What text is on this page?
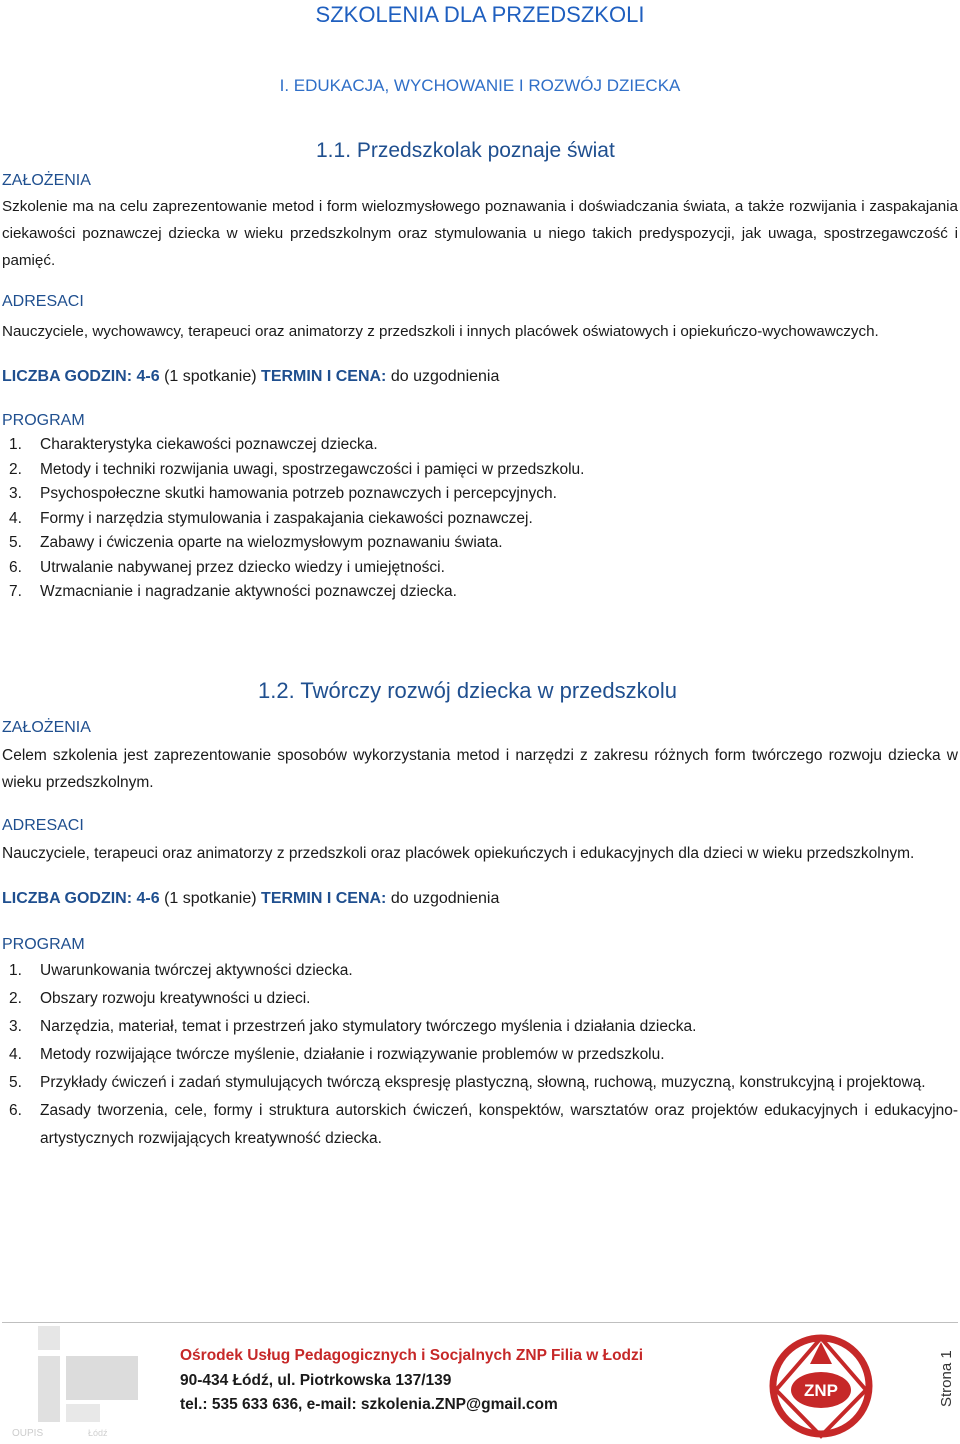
SZKOLENIA DLA PRZEDSZKOLI
I. EDUKACJA, WYCHOWANIE I ROZWÓJ DZIECKA
1.1. Przedszkolak poznaje świat
ZAŁOŻENIA
Szkolenie ma na celu zaprezentowanie metod i form wielozmysłowego poznawania i doświadczania świata, a także rozwijania i zaspakajania ciekawości poznawczej dziecka w wieku przedszkolnym oraz stymulowania u niego takich predyspozycji, jak uwaga, spostrzegawczość i pamięć.
ADRESACI
Nauczyciele, wychowawcy, terapeuci oraz animatorzy z przedszkoli i innych placówek oświatowych i opiekuńczo-wychowawczych.
LICZBA GODZIN: 4-6 (1 spotkanie) TERMIN I CENA: do uzgodnienia
PROGRAM
1. Charakterystyka ciekawości poznawczej dziecka.
2. Metody i techniki rozwijania uwagi, spostrzegawczości i pamięci w przedszkolu.
3. Psychospołeczne skutki hamowania potrzeb poznawczych i percepcyjnych.
4. Formy i narzędzia stymulowania i zaspakajania ciekawości poznawczej.
5. Zabawy i ćwiczenia oparte na wielozmysłowym poznawaniu świata.
6. Utrwalanie nabywanej przez dziecko wiedzy i umiejętności.
7. Wzmacnianie i nagradzanie aktywności poznawczej dziecka.
1.2. Twórczy rozwój dziecka w przedszkolu
ZAŁOŻENIA
Celem szkolenia jest zaprezentowanie sposobów wykorzystania metod i narzędzi z zakresu różnych form twórczego rozwoju dziecka w wieku przedszkolnym.
ADRESACI
Nauczyciele, terapeuci oraz animatorzy z przedszkoli oraz placówek opiekuńczych i edukacyjnych dla dzieci w wieku przedszkolnym.
LICZBA GODZIN: 4-6 (1 spotkanie) TERMIN I CENA: do uzgodnienia
PROGRAM
1. Uwarunkowania twórczej aktywności dziecka.
2. Obszary rozwoju kreatywności u dzieci.
3. Narzędzia, materiał, temat i przestrzeń jako stymulatory twórczego myślenia i działania dziecka.
4. Metody rozwijające twórcze myślenie, działanie i rozwiązywanie problemów w przedszkolu.
5. Przykłady ćwiczeń i zadań stymulujących twórczą ekspresję plastyczną, słowną, ruchową, muzyczną, konstrukcyjną i projektową.
6. Zasady tworzenia, cele, formy i struktura autorskich ćwiczeń, konspektów, warsztatów oraz projektów edukacyjnych i edukacyjno-artystycznych rozwijających kreatywność dziecka.
OUPIS	Łódź
Ośrodek Usług Pedagogicznych i Socjalnych ZNP Filia w Łodzi
90-434 Łódź, ul. Piotrkowska 137/139
tel.: 535 633 636, e-mail: szkolenia.ZNP@gmail.com
ZNP	Strona 1
